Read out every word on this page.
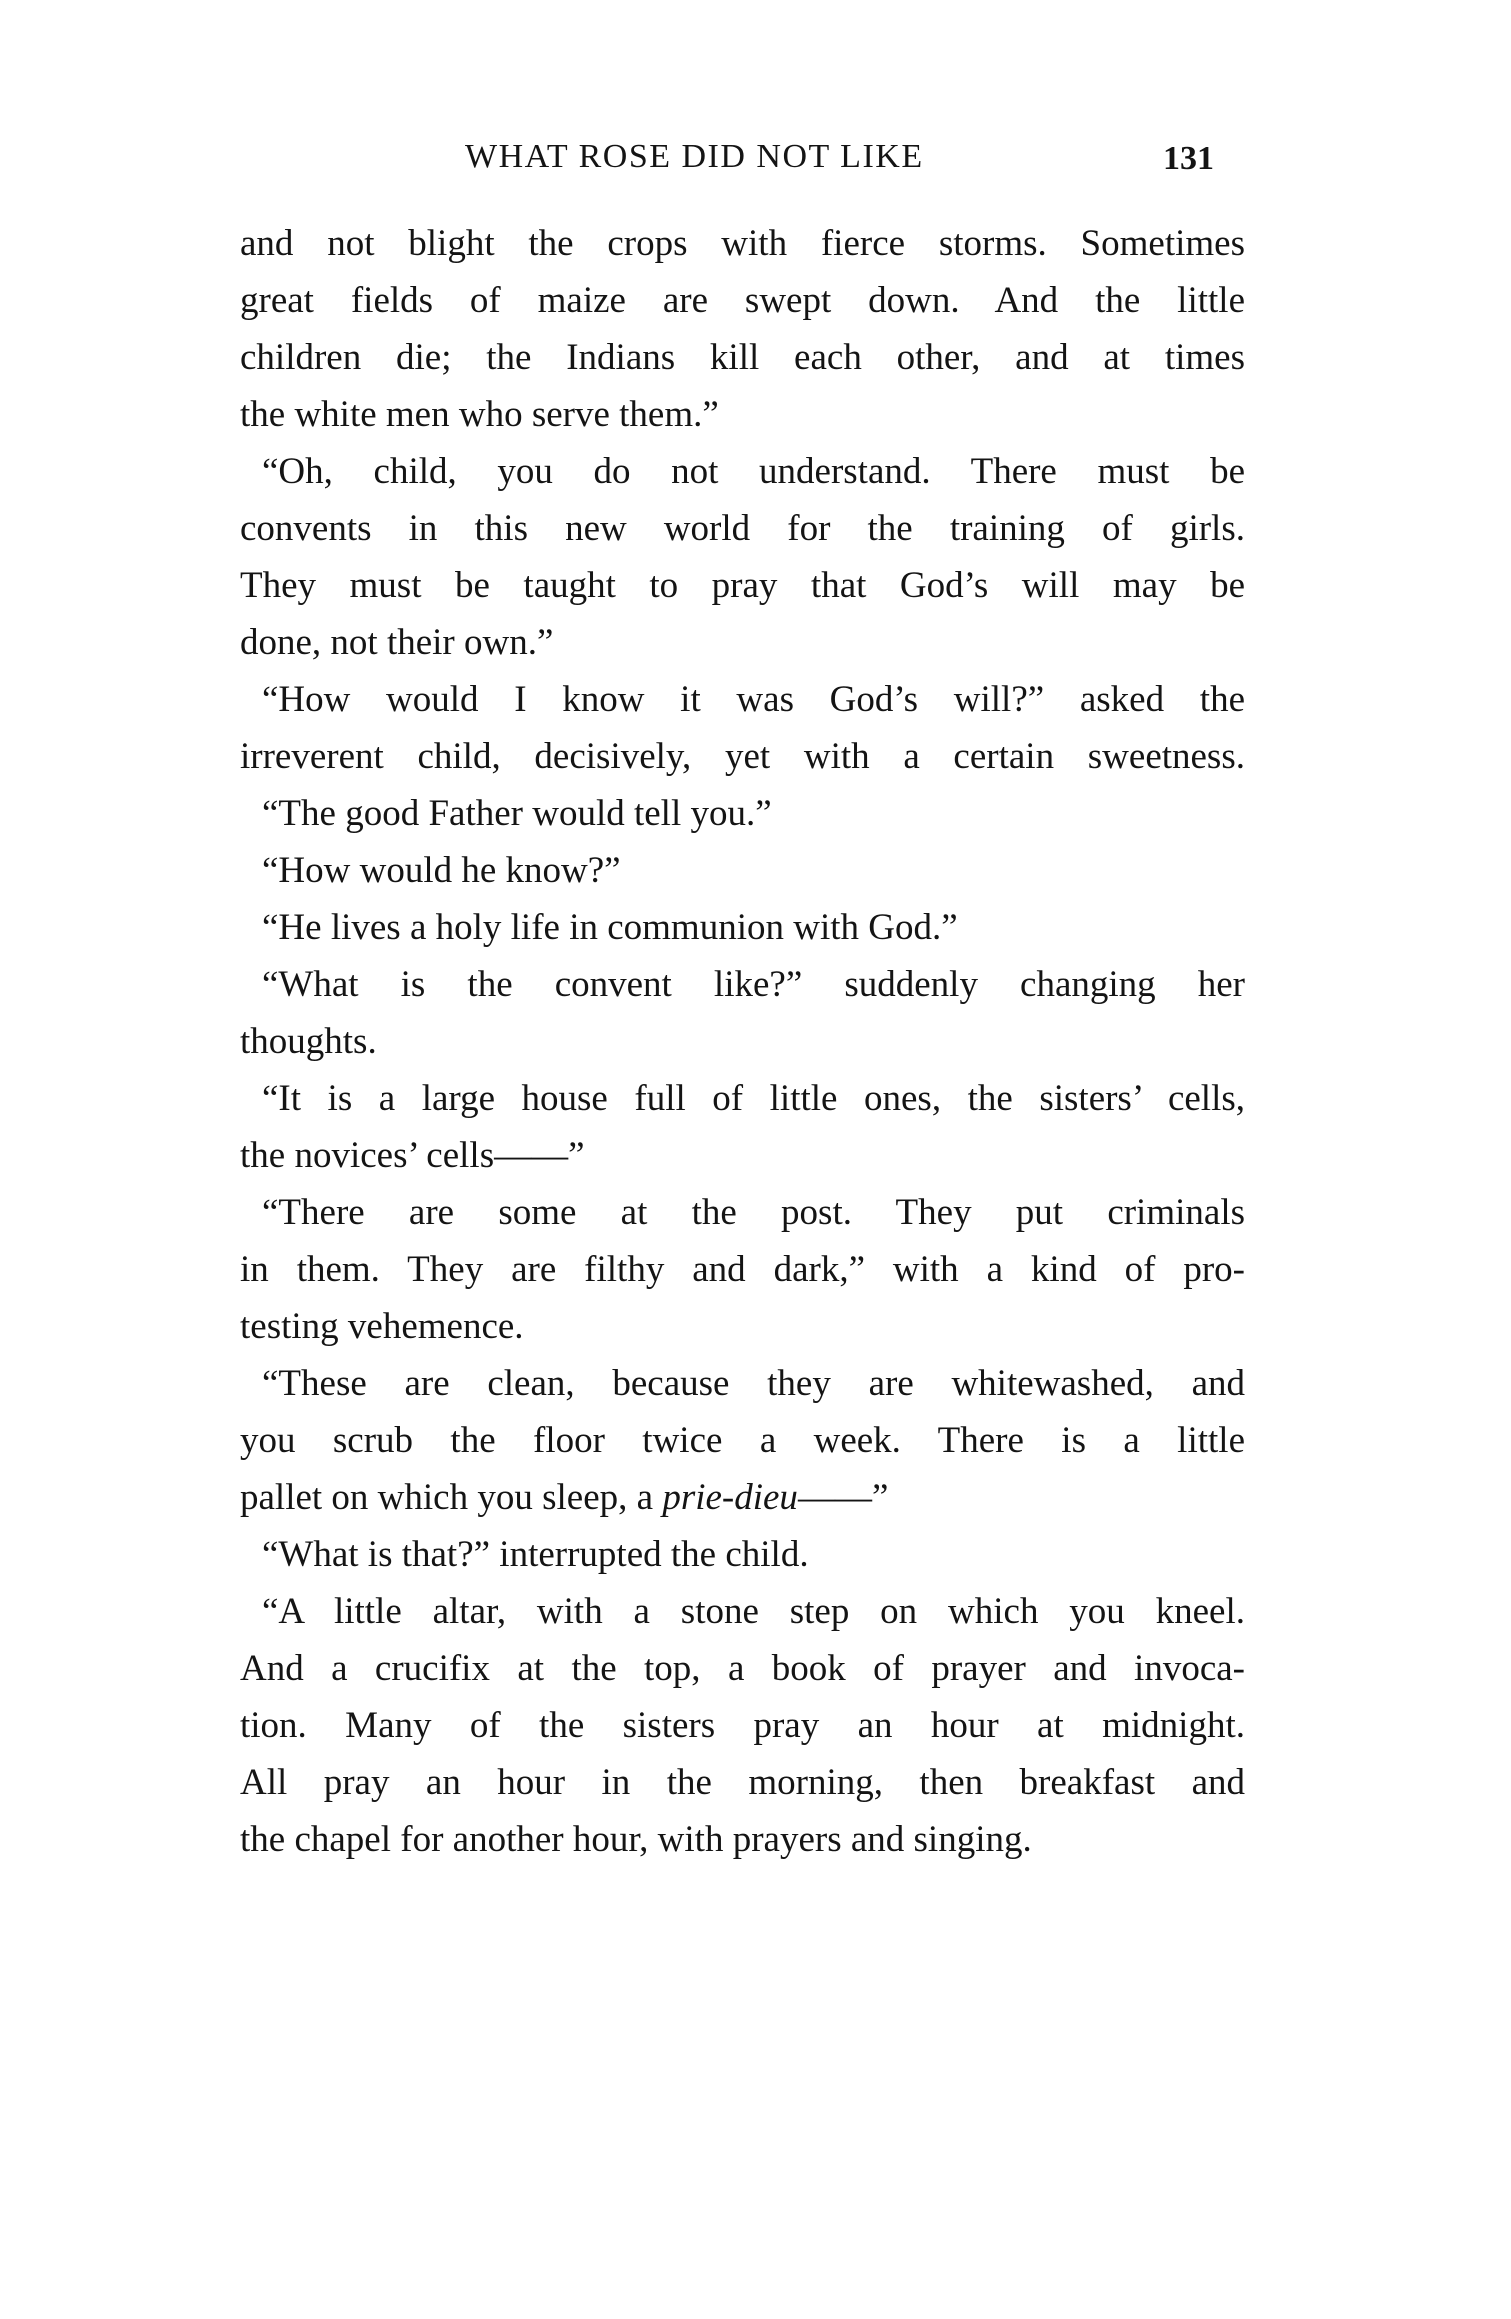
WHAT ROSE DID NOT LIKE	131
and not blight the crops with fierce storms. Sometimes
great fields of maize are swept down. And the little
children die; the Indians kill each other, and at times
the white men who serve them.”
“Oh, child, you do not understand. There must be
convents in this new world for the training of girls.
They must be taught to pray that God’s will may be
done, not their own.”
“How would I know it was God’s will?” asked the
irreverent child, decisively, yet with a certain sweetness.
“The good Father would tell you.”
“How would he know?”
“He lives a holy life in communion with God.”
“What is the convent like?” suddenly changing her
thoughts.
“It is a large house full of little ones, the sisters’ cells,
the novices’ cells——”
“There are some at the post. They put criminals
in them. They are filthy and dark,” with a kind of pro-
testing vehemence.
“These are clean, because they are whitewashed, and
you scrub the floor twice a week. There is a little
pallet on which you sleep, a prie-dieu——”
“What is that?” interrupted the child.
“A little altar, with a stone step on which you kneel.
And a crucifix at the top, a book of prayer and invoca-
tion. Many of the sisters pray an hour at midnight.
All pray an hour in the morning, then breakfast and
the chapel for another hour, with prayers and singing.
